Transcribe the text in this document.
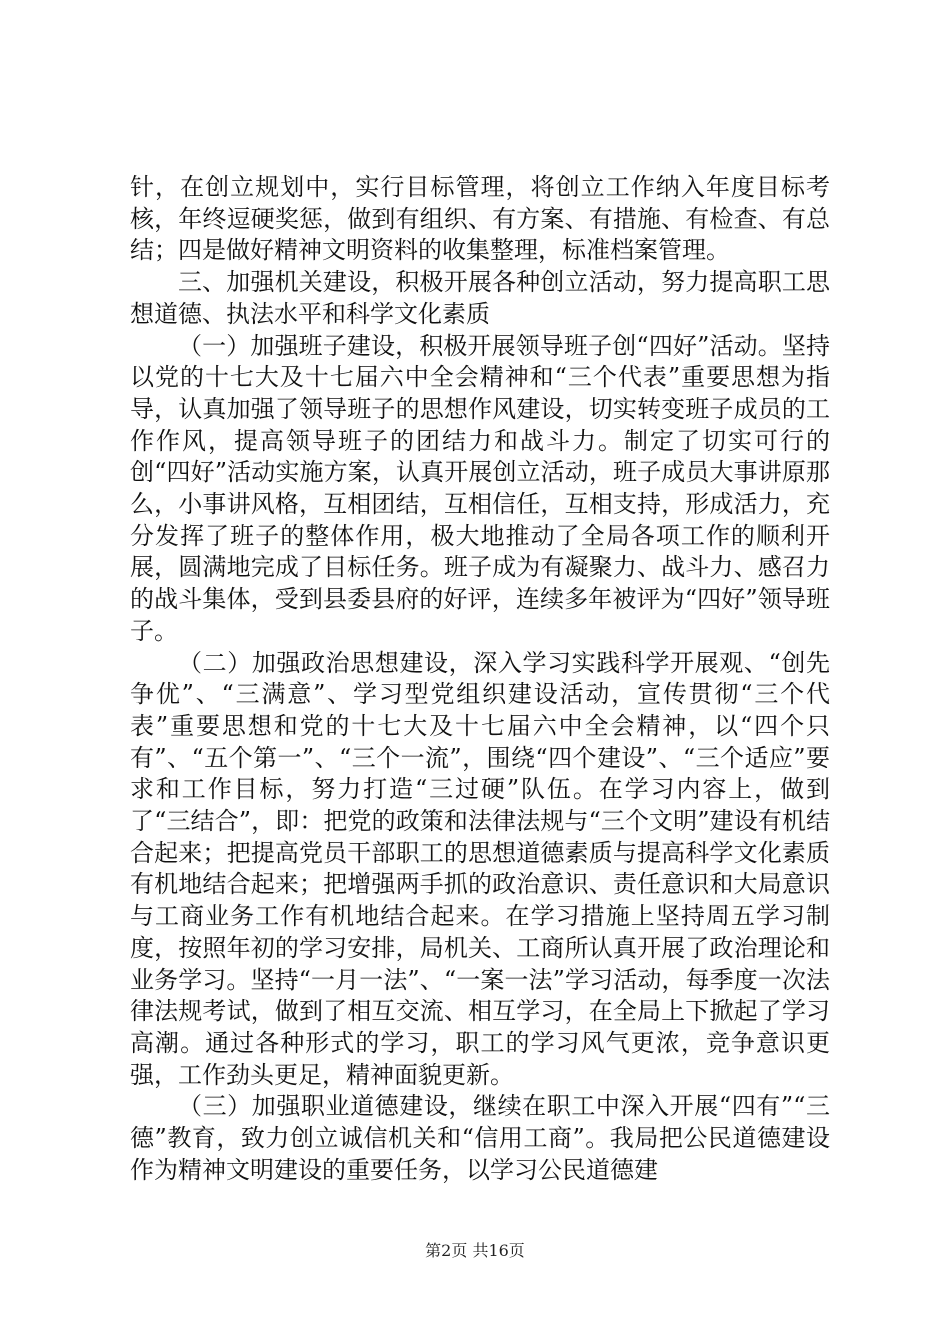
针，在创立规划中，实行目标管理，将创立工作纳入年度目标考核，年终逗硬奖惩，做到有组织、有方案、有措施、有检查、有总结；四是做好精神文明资料的收集整理，标准档案管理。

三、加强机关建设，积极开展各种创立活动，努力提高职工思想道德、执法水平和科学文化素质

（一）加强班子建设，积极开展领导班子创“四好”活动。坚持以党的十七大及十七届六中全会精神和“三个代表”重要思想为指导，认真加强了领导班子的思想作风建设，切实转变班子成员的工作作风，提高领导班子的团结力和战斗力。制定了切实可行的创“四好”活动实施方案，认真开展创立活动，班子成员大事讲原那么，小事讲风格，互相团结，互相信任，互相支持，形成活力，充分发挥了班子的整体作用，极大地推动了全局各项工作的顺利开展，圆满地完成了目标任务。班子成为有凝聚力、战斗力、感召力的战斗集体，受到县委县府的好评，连续多年被评为“四好”领导班子。

（二）加强政治思想建设，深入学习实践科学开展观、“创先争优”、“三满意”、学习型党组织建设活动，宣传贯彻“三个代表”重要思想和党的十七大及十七届六中全会精神，以“四个只有”、“五个第一”、“三个一流”，围绕“四个建设”、“三个适应”要求和工作目标，努力打造“三过硬”队伍。在学习内容上，做到了“三结合”，即：把党的政策和法律法规与“三个文明”建设有机结合起来；把提高党员干部职工的思想道德素质与提高科学文化素质有机地结合起来；把增强两手抓的政治意识、责任意识和大局意识与工商业务工作有机地结合起来。在学习措施上坚持周五学习制度，按照年初的学习安排，局机关、工商所认真开展了政治理论和业务学习。坚持“一月一法”、“一案一法”学习活动，每季度一次法律法规考试，做到了相互交流、相互学习，在全局上下掀起了学习高潮。通过各种形式的学习，职工的学习风气更浓，竞争意识更强，工作劲头更足，精神面貌更新。

（三）加强职业道德建设，继续在职工中深入开展“四有”“三德”教育，致力创立诚信机关和“信用工商”。我局把公民道德建设作为精神文明建设的重要任务，以学习公民道德建

第2页 共16页
